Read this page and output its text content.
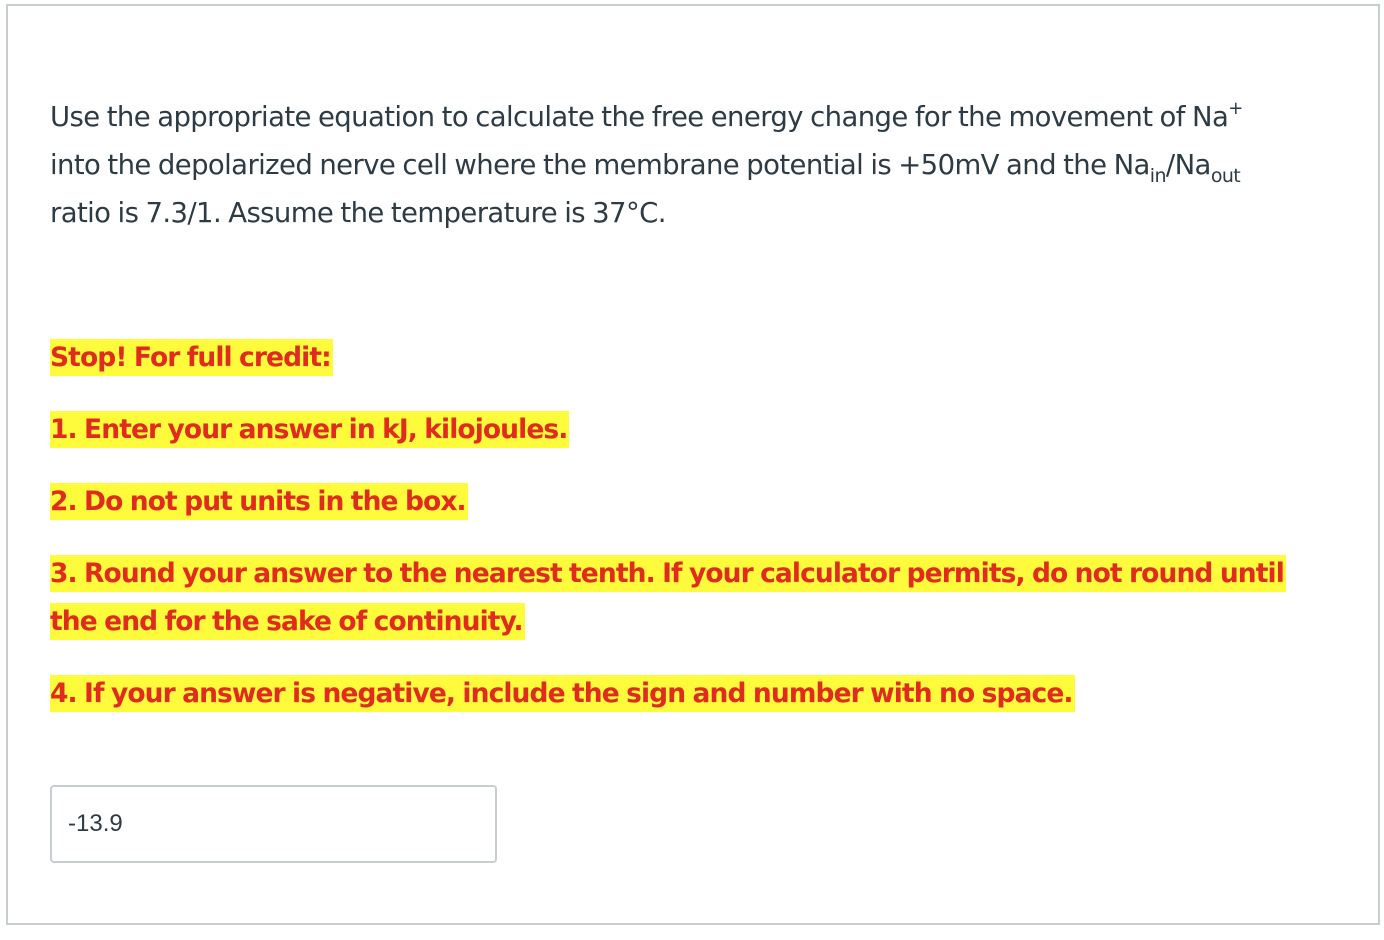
Use the appropriate equation to calculate the free energy change for the movement of Na+
into the depolarized nerve cell where the membrane potential is +50mV and the $Na_{in}/Na_{out}$
ratio is 7.3/1. Assume the temperature is 37°C.
Stop! For full credit:
1. Enter your answer in kJ, kilojoules.
2. Do not put units in the box.
3. Round your answer to the nearest tenth. If your calculator permits, do not round until
the end for the sake of continuity.
4. If your answer is negative, include the sign and number with no space.
-13.9
